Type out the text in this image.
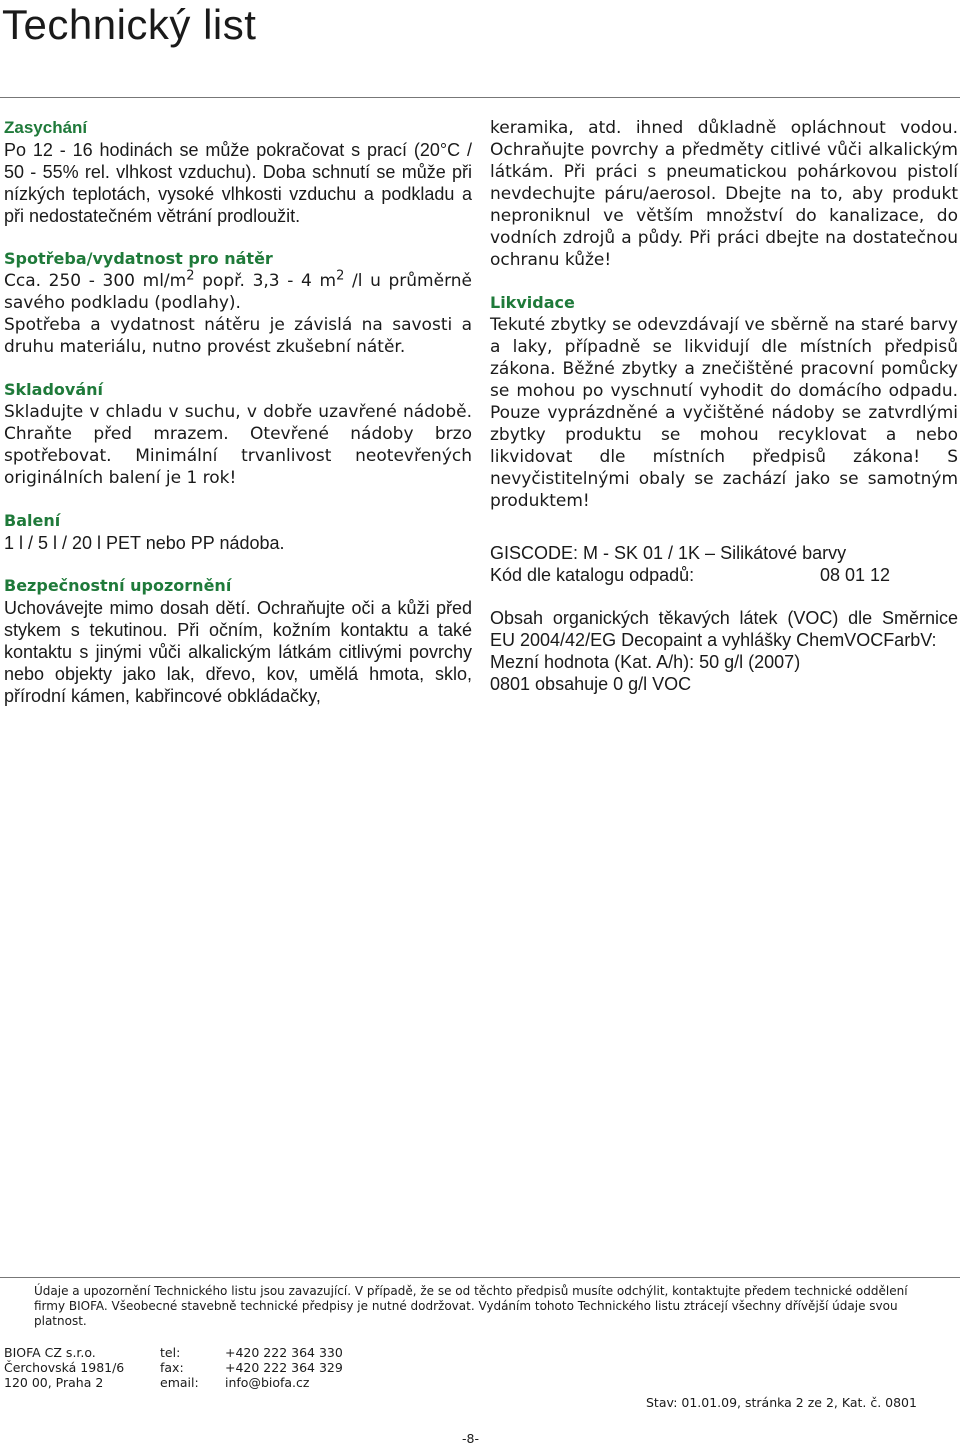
Technický list

Zasychání

Po 12 - 16 hodinách se může pokračovat s prací (20°C / 50 - 55% rel. vlhkost vzduchu). Doba schnutí se může při nízkých teplotách, vysoké vlhkosti vzduchu a podkladu a při nedostatečném větrání prodloužit.

Spotřeba/vydatnost pro nátěr

Cca. 250 - 300 $ml/m^2$ popř. 3,3 - 4 $m^2$ /l u průměrně savého podkladu (podlahy).

Spotřeba a vydatnost nátěru je závislá na savosti a druhu materiálu, nutno provést zkušební nátěr.

Skladování

Skladujte v chladu v suchu, v dobře uzavřené nádobě. Chraňte před mrazem. Otevřené nádoby brzo spotřebovat. Minimální trvanlivost neotevřených originálních balení je 1 rok!

Balení

1 l / 5 l / 20 l PET nebo PP nádoba.

Bezpečnostní upozornění

Uchovávejte mimo dosah dětí. Ochraňujte oči a kůži před stykem s tekutinou. Při očním, kožním kontaktu a také kontaktu s jinými vůči alkalickým látkám citlivými povrchy nebo objekty jako lak, dřevo, kov, umělá hmota, sklo, přírodní kámen, kabřincové obkládačky,

keramika, atd. ihned důkladně opláchnout vodou. Ochraňujte povrchy a předměty citlivé vůči alkalickým látkám. Při práci s pneumatickou pohárkovou pistolí nevdechujte páru/aerosol. Dbejte na to, aby produkt neproniknul ve větším množství do kanalizace, do vodních zdrojů a půdy. Při práci dbejte na dostatečnou ochranu kůže!

Likvidace

Tekuté zbytky se odevzdávají ve sběrně na staré barvy a laky, případně se likvidují dle místních předpisů zákona. Běžné zbytky a znečištěné pracovní pomůcky se mohou po vyschnutí vyhodit do domácího odpadu. Pouze vyprázdněné a vyčištěné nádoby se zatvrdlými zbytky produktu se mohou recyklovat a nebo likvidovat dle místních předpisů zákona! S nevyčistitelnými obaly se zachází jako se samotným produktem!

GISCODE: M - SK 01 / 1K – Silikátové barvy

Kód dle katalogu odpadů:	08 01 12

Obsah organických těkavých látek (VOC) dle Směrnice EU 2004/42/EG Decopaint a vyhlášky ChemVOCFarbV:

Mezní hodnota (Kat. A/h): 50 g/l (2007)

0801 obsahuje 0 g/l VOC

Údaje a upozornění Technického listu jsou zavazující. V případě, že se od těchto předpisů musíte odchýlit, kontaktujte předem technické oddělení firmy BIOFA. Všeobecné stavebně technické předpisy je nutné dodržovat. Vydáním tohoto Technického listu ztrácejí všechny dřívější údaje svou platnost.
BIOFA CZ s.r.o.
Čerchovská 1981/6
120 00, Praha 2
tel:
fax:
email:
+420 222 364 330
+420 222 364 329
info@biofa.cz
Stav: 01.01.09, stránka 2 ze 2, Kat. č. 0801
-8-
